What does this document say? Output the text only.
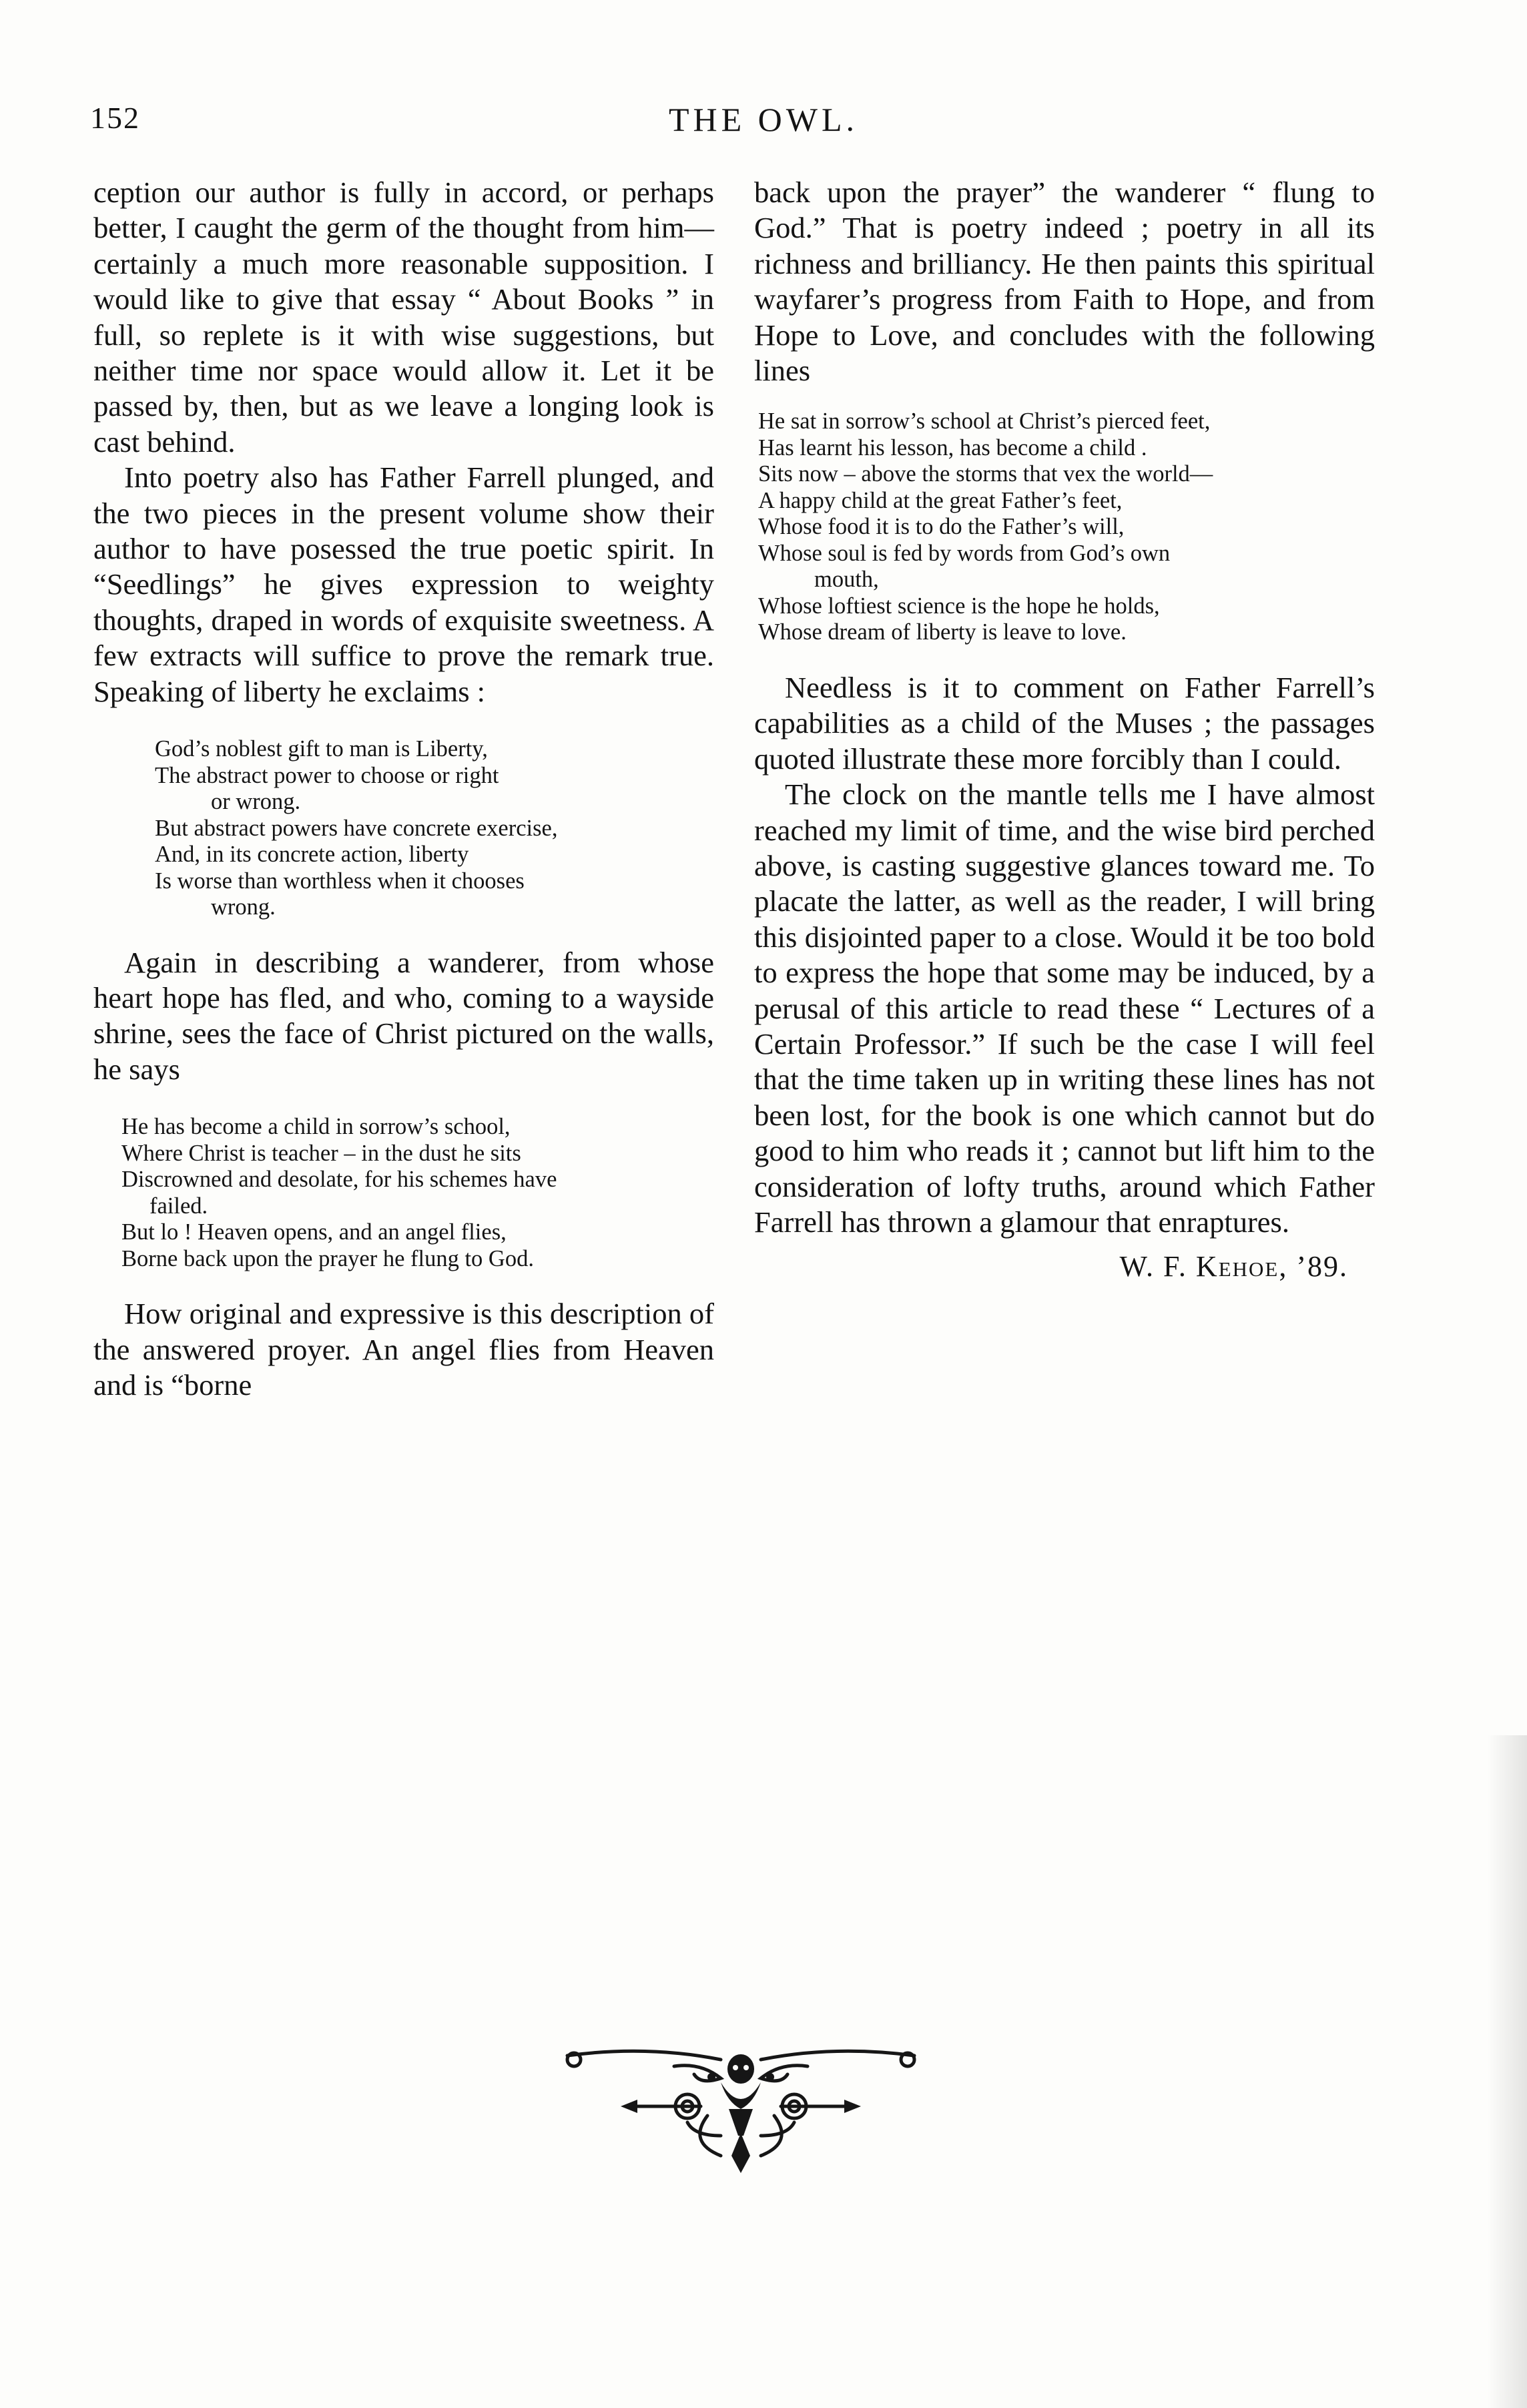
152	THE OWL.

ception our author is fully in accord, or perhaps better, I caught the germ of the thought from him—certainly a much more reasonable supposition. I would like to give that essay “ About Books ” in full, so replete is it with wise suggestions, but neither time nor space would allow it. Let it be passed by, then, but as we leave a longing look is cast behind.

Into poetry also has Father Farrell plunged, and the two pieces in the present volume show their author to have posessed the true poetic spirit. In “Seedlings” he gives expression to weighty thoughts, draped in words of exquisite sweetness. A few extracts will suffice to prove the remark true. Speaking of liberty he exclaims :

God’s noblest gift to man is Liberty,
The abstract power to choose or right
or wrong.
But abstract powers have concrete exercise,
And, in its concrete action, liberty
Is worse than worthless when it chooses
wrong.

Again in describing a wanderer, from whose heart hope has fled, and who, coming to a wayside shrine, sees the face of Christ pictured on the walls, he says

He has become a child in sorrow’s school,
Where Christ is teacher – in the dust he sits
Discrowned and desolate, for his schemes have
failed.
But lo ! Heaven opens, and an angel flies,
Borne back upon the prayer he flung to God.

How original and expressive is this description of the answered proyer. An angel flies from Heaven and is “borne

back upon the prayer” the wanderer “ flung to God.” That is poetry indeed ; poetry in all its richness and brilliancy. He then paints this spiritual wayfarer’s progress from Faith to Hope, and from Hope to Love, and concludes with the following lines

He sat in sorrow’s school at Christ’s pierced feet,
Has learnt his lesson, has become a child .
Sits now – above the storms that vex the world—
A happy child at the great Father’s feet,
Whose food it is to do the Father’s will,
Whose soul is fed by words from God’s own
mouth,
Whose loftiest science is the hope he holds,
Whose dream of liberty is leave to love.

Needless is it to comment on Father Farrell’s capabilities as a child of the Muses ; the passages quoted illustrate these more forcibly than I could.

The clock on the mantle tells me I have almost reached my limit of time, and the wise bird perched above, is casting suggestive glances toward me. To placate the latter, as well as the reader, I will bring this disjointed paper to a close. Would it be too bold to express the hope that some may be induced, by a perusal of this article to read these “ Lectures of a Certain Professor.” If such be the case I will feel that the time taken up in writing these lines has not been lost, for the book is one which cannot but do good to him who reads it ; cannot but lift him to the consideration of lofty truths, around which Father Farrell has thrown a glamour that enraptures.

W. F. Kehoe, ’89.
